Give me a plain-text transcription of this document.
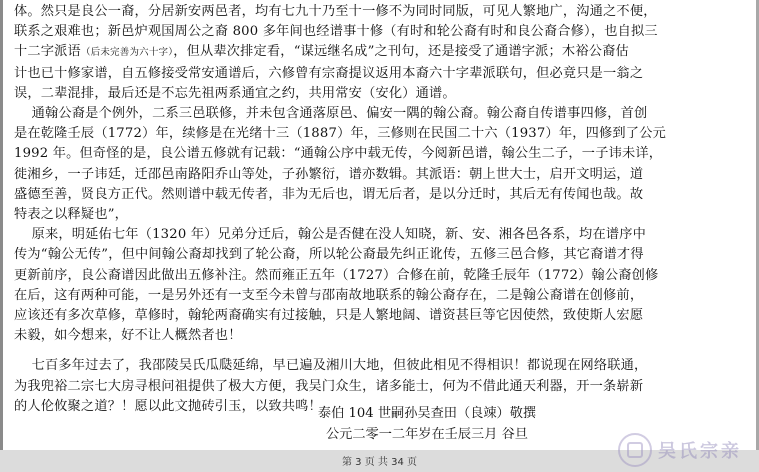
体。然只是良公一裔，分居新安两邑者，均有七九十乃至十一修不为同时同版，可见人繁地广，沟通之不便，

联系之艰难也；新邑炉观国周公之裔 800 多年间也经谱事十修（有时和轮公裔有时和良公裔合修），也自拟三

十二字派语（后未完善为六十字），但从辈次排定看，“谋远继名成”之刊句，还是接受了通谱字派；木裕公裔估

计也已十修家谱，自五修接受常安通谱后，六修曾有宗裔提议返用本裔六十字辈派联句，但必竟只是一翁之

误，二辈混排，最后还是不忘先祖两系通宜之约，共用常安（安化）通谱。

通翰公裔是个例外，二系三邑联修，并未包含通落原邑、偏安一隅的翰公裔。翰公裔自传谱事四修，首创

是在乾隆壬辰（1772）年，续修是在光绪十三（1887）年，三修则在民国二十六（1937）年，四修到了公元

1992 年。但奇怪的是，良公谱五修就有记载：“通翰公序中载无传，今阅新邑谱，翰公生二子，一子讳未详，

徙湘乡，一子讳廷，迁邵邑南路阳乔山等处，子孙繁衍，谱亦数辑。其派语：朝上世大士，启开文明运，道

盛德至善，贤良方正代。然则谱中载无传者，非为无后也，谓无后者，是以分迁时，其后无有传闻也哉。故

特表之以释疑也”，

原来，明延佑七年（1320 年）兄弟分迁后，翰公是否健在没人知晓，新、安、湘各邑各系，均在谱序中

传为“翰公无传”，但中间翰公裔却找到了轮公裔，所以轮公裔最先纠正讹传，五修三邑合修，其它裔谱才得

更新前序，良公裔谱因此做出五修补注。然而雍正五年（1727）合修在前，乾隆壬辰年（1772）翰公裔创修

在后，这有两种可能，一是另外还有一支至今未曾与邵南故地联系的翰公裔存在，二是翰公裔谱在创修前，

应该还有多次草修，草修时，翰轮两裔确实有过接触，只是人繁地阔、谱资甚巨等它因使然，致使斯人宏愿

未毅，如今想来，好不让人概然者也！

七百多年过去了，我邵陵吴氏瓜瓞延绵，早已遍及湘川大地，但彼此相见不得相识！都说现在网络联通，

为我兜裕二宗七大房寻根问祖提供了极大方便，我吴门众生，诸多能士，何为不借此通天利器，开一条崭新

的人伦攸聚之道？！愿以此文抛砖引玉，以致共鸣！

泰伯 104 世嗣孙吴查田（良竦）敬撰
公元二零一二年岁在壬辰三月 谷旦
第 3 页 共 34 页
吴氏宗亲
